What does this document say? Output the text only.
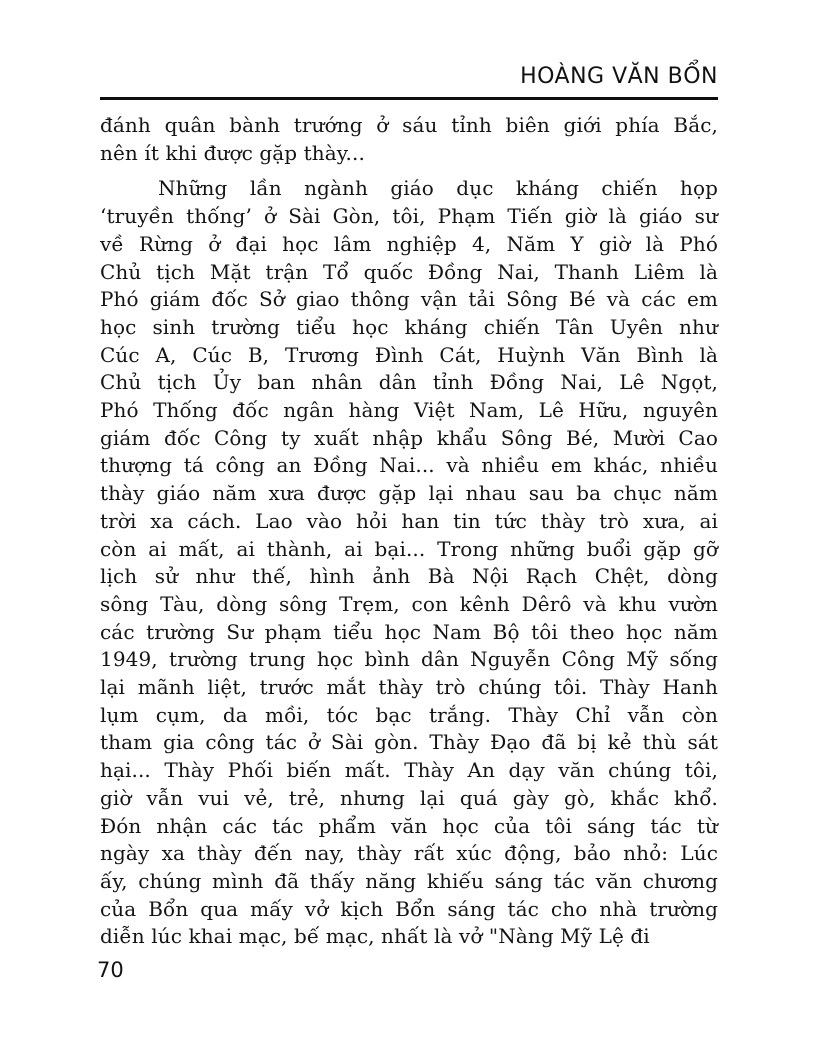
HOÀNG VĂN BỔN
đánh quân bành trướng ở sáu tỉnh biên giới phía Bắc,
nên ít khi được gặp thày...
Những lần ngành giáo dục kháng chiến họp
‘truyền thống’ ở Sài Gòn, tôi, Phạm Tiến giờ là giáo sư
về Rừng ở đại học lâm nghiệp 4, Năm Y giờ là Phó
Chủ tịch Mặt trận Tổ quốc Đồng Nai, Thanh Liêm là
Phó giám đốc Sở giao thông vận tải Sông Bé và các em
học sinh trường tiểu học kháng chiến Tân Uyên như
Cúc A, Cúc B, Trương Đình Cát, Huỳnh Văn Bình là
Chủ tịch Ủy ban nhân dân tỉnh Đồng Nai, Lê Ngọt,
Phó Thống đốc ngân hàng Việt Nam, Lê Hữu, nguyên
giám đốc Công ty xuất nhập khẩu Sông Bé, Mười Cao
thượng tá công an Đồng Nai... và nhiều em khác, nhiều
thày giáo năm xưa được gặp lại nhau sau ba chục năm
trời xa cách. Lao vào hỏi han tin tức thày trò xưa, ai
còn ai mất, ai thành, ai bại... Trong những buổi gặp gỡ
lịch sử như thế, hình ảnh Bà Nội Rạch Chệt, dòng
sông Tàu, dòng sông Trẹm, con kênh Dêrô và khu vườn
các trường Sư phạm tiểu học Nam Bộ tôi theo học năm
1949, trường trung học bình dân Nguyễn Công Mỹ sống
lại mãnh liệt, trước mắt thày trò chúng tôi. Thày Hanh
lụm cụm, da mồi, tóc bạc trắng. Thày Chỉ vẫn còn
tham gia công tác ở Sài gòn. Thày Đạo đã bị kẻ thù sát
hại... Thày Phối biến mất. Thày An dạy văn chúng tôi,
giờ vẫn vui vẻ, trẻ, nhưng lại quá gày gò, khắc khổ.
Đón nhận các tác phẩm văn học của tôi sáng tác từ
ngày xa thày đến nay, thày rất xúc động, bảo nhỏ: Lúc
ấy, chúng mình đã thấy năng khiếu sáng tác văn chương
của Bổn qua mấy vở kịch Bổn sáng tác cho nhà trường
diễn lúc khai mạc, bế mạc, nhất là vở "Nàng Mỹ Lệ đi
70
